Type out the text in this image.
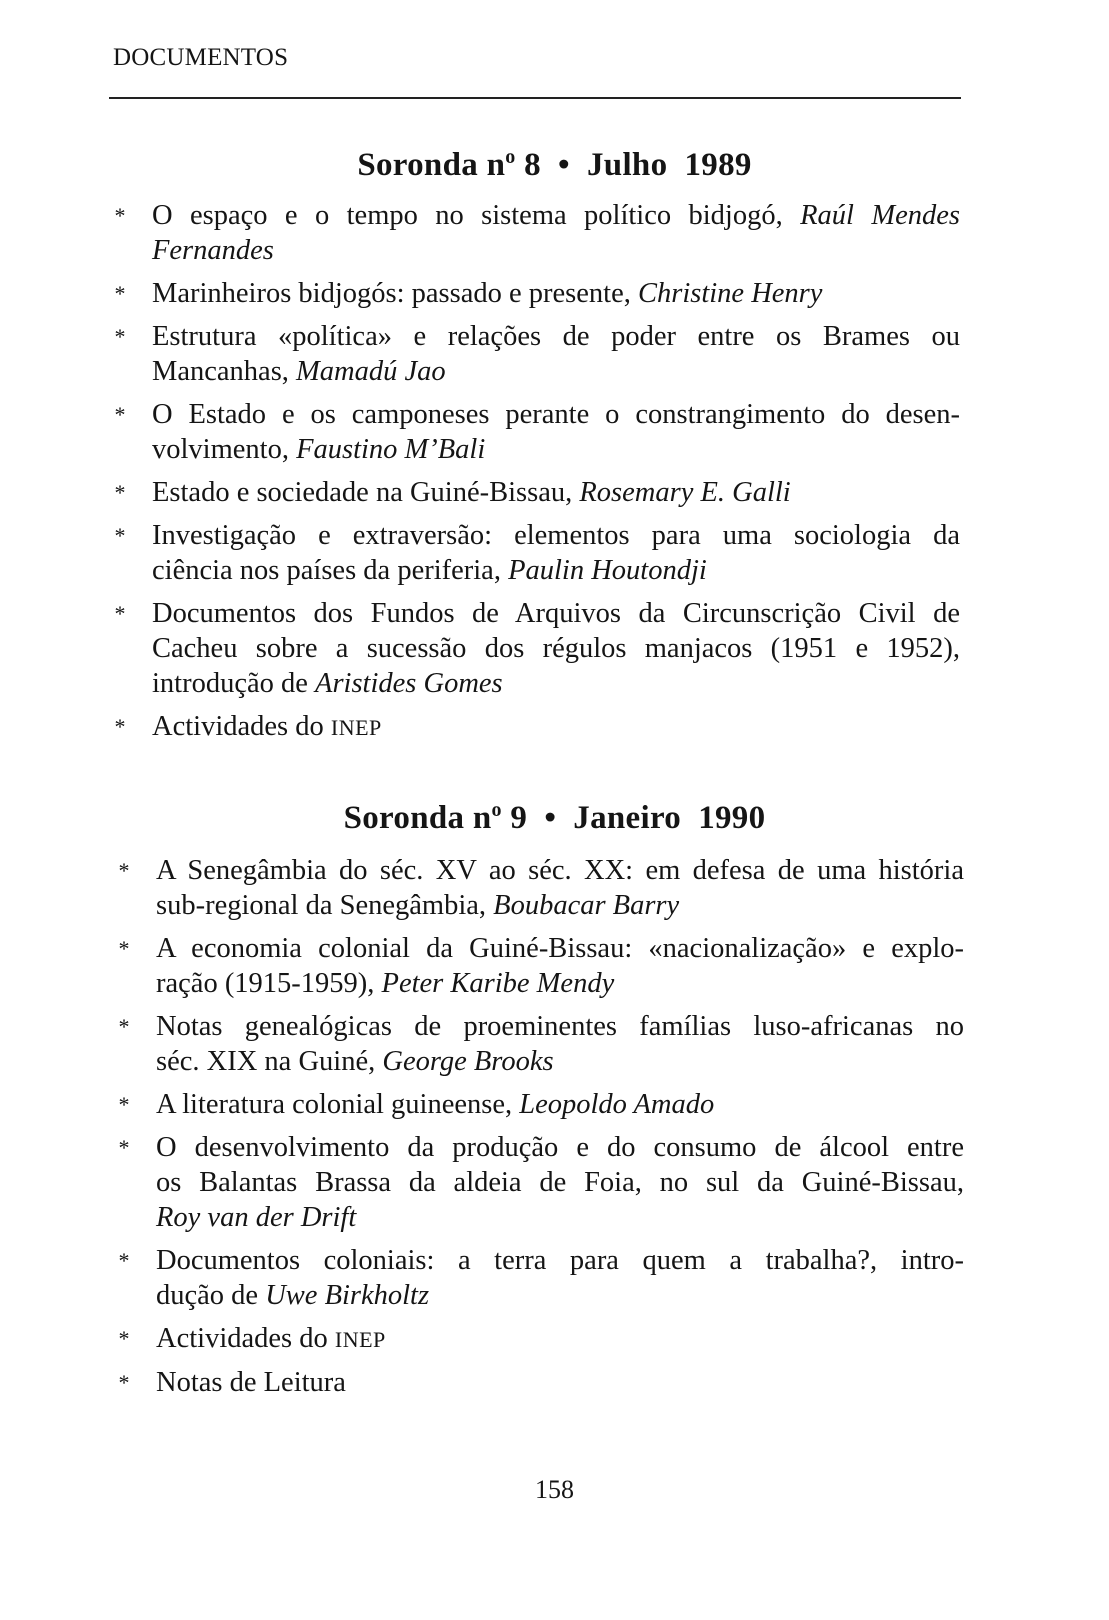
DOCUMENTOS
Soronda $n^o$ 8 • Julho  1989
* O espaço e o tempo no sistema político bidjogó, Raúl Mendes
Fernandes
* Marinheiros bidjogós: passado e presente, Christine Henry
* Estrutura «política» e relações de poder entre os Brames ou
Mancanhas, Mamadú Jao
* O Estado e os camponeses perante o constrangimento do desen-
volvimento, Faustino M’Bali
* Estado e sociedade na Guiné-Bissau, Rosemary E. Galli
* Investigação e extraversão: elementos para uma sociologia da
ciência nos países da periferia, Paulin Houtondji
* Documentos dos Fundos de Arquivos da Circunscrição Civil de
Cacheu sobre a sucessão dos régulos manjacos (1951 e 1952),
introdução de Aristides Gomes
* Actividades do INEP
Soronda $n^o$ 9 • Janeiro  1990
* A Senegâmbia do séc. XV ao séc. XX: em defesa de uma história
sub-regional da Senegâmbia, Boubacar Barry
* A economia colonial da Guiné-Bissau: «nacionalização» e explo-
ração (1915-1959), Peter Karibe Mendy
* Notas genealógicas de proeminentes famílias luso-africanas no
séc. XIX na Guiné, George Brooks
* A literatura colonial guineense, Leopoldo Amado
* O desenvolvimento da produção e do consumo de álcool entre
os Balantas Brassa da aldeia de Foia, no sul da Guiné-Bissau,
Roy van der Drift
* Documentos coloniais: a terra para quem a trabalha?, intro-
dução de Uwe Birkholtz
* Actividades do INEP
* Notas de Leitura
158
